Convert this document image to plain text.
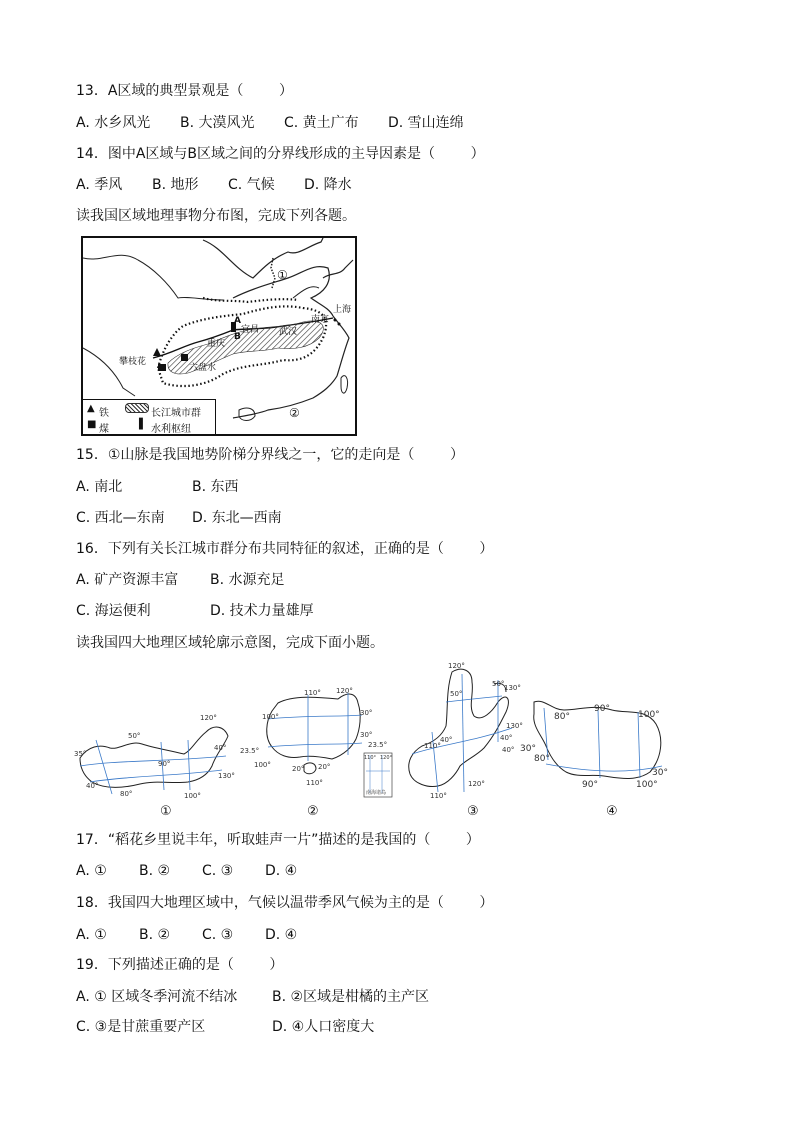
13．A区域的典型景观是（        ）
A. 水乡风光 B. 大漠风光 C. 黄土广布 D. 雪山连绵
14．图中A区域与B区域之间的分界线形成的主导因素是（        ）
A. 季风 B. 地形 C. 气候 D. 降水
读我国区域地理事物分布图，完成下列各题。
①
②
上海
南京
宜昌 武汉
重庆
攀枝花
六盘水
A
B
▲ 铁	长江城市群
■ 煤	▌ 水利枢纽
15．①山脉是我国地势阶梯分界线之一，它的走向是（        ）
A. 南北	B. 东西
C. 西北—东南 D. 东北—西南
16．下列有关长江城市群分布共同特征的叙述，正确的是（        ）
A. 矿产资源丰富 B. 水源充足
C. 海运便利	D. 技术力量雄厚
读我国四大地理区域轮廓示意图，完成下面小题。
35°
40°
50°
120°
130°
100°
90°
80°
40°
110° 120°
100°	30°
23.5°
100°	20° 20°
110°
30°
23.5°
110° 120°
南海诸岛
120°
50°
50° 130°
40°
110°
40°
130°
120°
110°
40°
80°
90°
100°
30°
80°
90°	100°
30°
①	②	③	④
17．“稻花乡里说丰年，听取蛙声一片”描述的是我国的（        ）
A. ① B. ② C. ③ D. ④
18．我国四大地理区域中，气候以温带季风气候为主的是（        ）
A. ① B. ② C. ③ D. ④
19．下列描述正确的是（        ）
A. ① 区域冬季河流不结冰 B. ②区域是柑橘的主产区
C. ③是甘蔗重要产区	D. ④人口密度大
